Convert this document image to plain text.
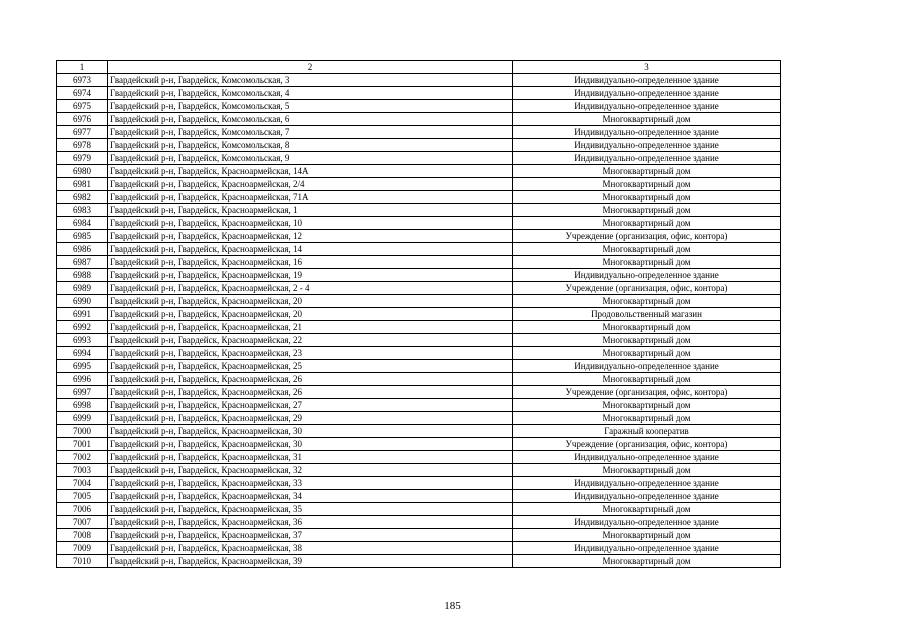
1	2	3
6973	Гвардейский р-н, Гвардейск, Комсомольская, 3	Индивидуально-определенное здание
6974	Гвардейский р-н, Гвардейск, Комсомольская, 4	Индивидуально-определенное здание
6975	Гвардейский р-н, Гвардейск, Комсомольская, 5	Индивидуально-определенное здание
6976	Гвардейский р-н, Гвардейск, Комсомольская, 6	Многоквартирный дом
6977	Гвардейский р-н, Гвардейск, Комсомольская, 7	Индивидуально-определенное здание
6978	Гвардейский р-н, Гвардейск, Комсомольская, 8	Индивидуально-определенное здание
6979	Гвардейский р-н, Гвардейск, Комсомольская, 9	Индивидуально-определенное здание
6980	Гвардейский р-н, Гвардейск, Красноармейская, 14А	Многоквартирный дом
6981	Гвардейский р-н, Гвардейск, Красноармейская, 2/4	Многоквартирный дом
6982	Гвардейский р-н, Гвардейск, Красноармейская, 71А	Многоквартирный дом
6983	Гвардейский р-н, Гвардейск, Красноармейская, 1	Многоквартирный дом
6984	Гвардейский р-н, Гвардейск, Красноармейская, 10	Многоквартирный дом
6985	Гвардейский р-н, Гвардейск, Красноармейская, 12	Учреждение (организация, офис, контора)
6986	Гвардейский р-н, Гвардейск, Красноармейская, 14	Многоквартирный дом
6987	Гвардейский р-н, Гвардейск, Красноармейская, 16	Многоквартирный дом
6988	Гвардейский р-н, Гвардейск, Красноармейская, 19	Индивидуально-определенное здание
6989	Гвардейский р-н, Гвардейск, Красноармейская, 2 - 4	Учреждение (организация, офис, контора)
6990	Гвардейский р-н, Гвардейск, Красноармейская, 20	Многоквартирный дом
6991	Гвардейский р-н, Гвардейск, Красноармейская, 20	Продовольственный магазин
6992	Гвардейский р-н, Гвардейск, Красноармейская, 21	Многоквартирный дом
6993	Гвардейский р-н, Гвардейск, Красноармейская, 22	Многоквартирный дом
6994	Гвардейский р-н, Гвардейск, Красноармейская, 23	Многоквартирный дом
6995	Гвардейский р-н, Гвардейск, Красноармейская, 25	Индивидуально-определенное здание
6996	Гвардейский р-н, Гвардейск, Красноармейская, 26	Многоквартирный дом
6997	Гвардейский р-н, Гвардейск, Красноармейская, 26	Учреждение (организация, офис, контора)
6998	Гвардейский р-н, Гвардейск, Красноармейская, 27	Многоквартирный дом
6999	Гвардейский р-н, Гвардейск, Красноармейская, 29	Многоквартирный дом
7000	Гвардейский р-н, Гвардейск, Красноармейская, 30	Гаражный кооператив
7001	Гвардейский р-н, Гвардейск, Красноармейская, 30	Учреждение (организация, офис, контора)
7002	Гвардейский р-н, Гвардейск, Красноармейская, 31	Индивидуально-определенное здание
7003	Гвардейский р-н, Гвардейск, Красноармейская, 32	Многоквартирный дом
7004	Гвардейский р-н, Гвардейск, Красноармейская, 33	Индивидуально-определенное здание
7005	Гвардейский р-н, Гвардейск, Красноармейская, 34	Индивидуально-определенное здание
7006	Гвардейский р-н, Гвардейск, Красноармейская, 35	Многоквартирный дом
7007	Гвардейский р-н, Гвардейск, Красноармейская, 36	Индивидуально-определенное здание
7008	Гвардейский р-н, Гвардейск, Красноармейская, 37	Многоквартирный дом
7009	Гвардейский р-н, Гвардейск, Красноармейская, 38	Индивидуально-определенное здание
7010	Гвардейский р-н, Гвардейск, Красноармейская, 39	Многоквартирный дом
185
